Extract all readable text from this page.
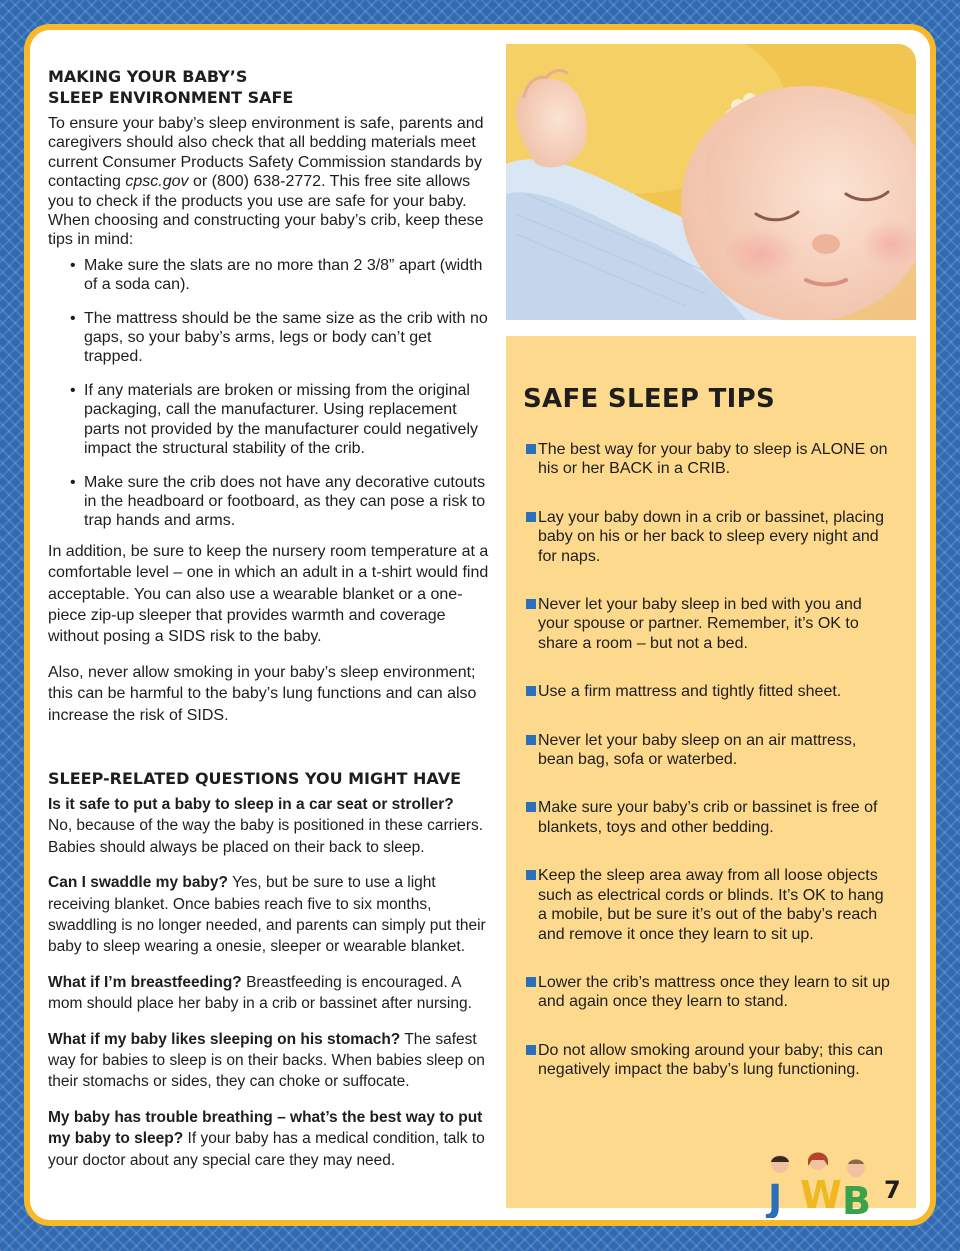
MAKING YOUR BABY’S
SLEEP ENVIRONMENT SAFE

To ensure your baby’s sleep environment is safe, parents and caregivers should also check that all bedding materials meet current Consumer Products Safety Commission standards by contacting cpsc.gov or (800) 638-2772. This free site allows you to check if the products you use are safe for your baby. When choosing and constructing your baby’s crib, keep these tips in mind:

• Make sure the slats are no more than 2 3/8” apart (width of a soda can).
• The mattress should be the same size as the crib with no gaps, so your baby’s arms, legs or body can’t get trapped.
• If any materials are broken or missing from the original packaging, call the manufacturer. Using replacement parts not provided by the manufacturer could negatively impact the structural stability of the crib.
• Make sure the crib does not have any decorative cutouts in the headboard or footboard, as they can pose a risk to trap hands and arms.

In addition, be sure to keep the nursery room temperature at a comfortable level – one in which an adult in a t-shirt would find acceptable. You can also use a wearable blanket or a one-piece zip-up sleeper that provides warmth and coverage without posing a SIDS risk to the baby.

Also, never allow smoking in your baby’s sleep environment; this can be harmful to the baby’s lung functions and can also increase the risk of SIDS.

SLEEP-RELATED QUESTIONS YOU MIGHT HAVE

Is it safe to put a baby to sleep in a car seat or stroller?
No, because of the way the baby is positioned in these carriers. Babies should always be placed on their back to sleep.

Can I swaddle my baby? Yes, but be sure to use a light receiving blanket. Once babies reach five to six months, swaddling is no longer needed, and parents can simply put their baby to sleep wearing a onesie, sleeper or wearable blanket.

What if I’m breastfeeding? Breastfeeding is encouraged. A mom should place her baby in a crib or bassinet after nursing.

What if my baby likes sleeping on his stomach? The safest way for babies to sleep is on their backs. When babies sleep on their stomachs or sides, they can choke or suffocate.

My baby has trouble breathing – what’s the best way to put my baby to sleep? If your baby has a medical condition, talk to your doctor about any special care they may need.

SAFE SLEEP TIPS
The best way for your baby to sleep is ALONE on his or her BACK in a CRIB.
Lay your baby down in a crib or bassinet, placing baby on his or her back to sleep every night and for naps.
Never let your baby sleep in bed with you and your spouse or partner. Remember, it’s OK to share a room – but not a bed.
Use a firm mattress and tightly fitted sheet.
Never let your baby sleep on an air mattress, bean bag, sofa or waterbed.
Make sure your baby’s crib or bassinet is free of blankets, toys and other bedding.
Keep the sleep area away from all loose objects such as electrical cords or blinds. It’s OK to hang a mobile, but be sure it’s out of the baby’s reach and remove it once they learn to sit up.
Lower the crib’s mattress once they learn to sit up and again once they learn to stand.
Do not allow smoking around your baby; this can negatively impact the baby’s lung functioning.
J W B 7
